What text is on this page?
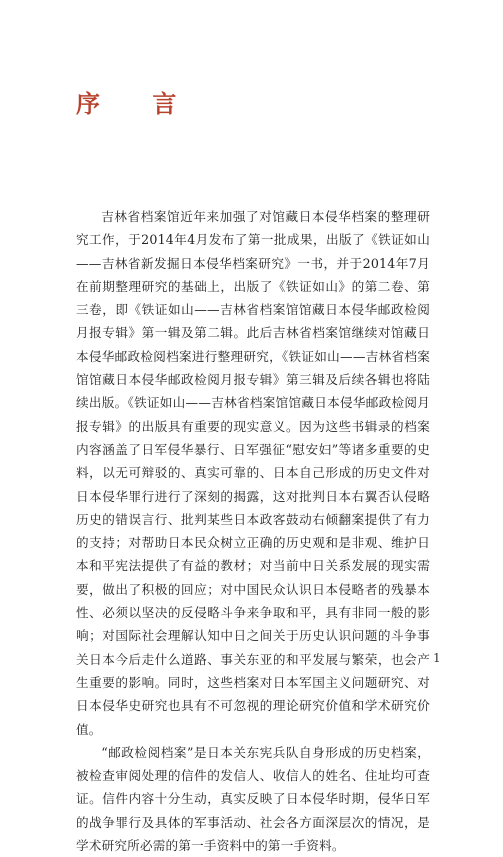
序 言

吉林省档案馆近年来加强了对馆藏日本侵华档案的整理研究工作，于2014年4月发布了第一批成果，出版了《铁证如山——吉林省新发掘日本侵华档案研究》一书，并于2014年7月在前期整理研究的基础上，出版了《铁证如山》的第二卷、第三卷，即《铁证如山——吉林省档案馆馆藏日本侵华邮政检阅月报专辑》第一辑及第二辑。此后吉林省档案馆继续对馆藏日本侵华邮政检阅档案进行整理研究，《铁证如山——吉林省档案馆馆藏日本侵华邮政检阅月报专辑》第三辑及后续各辑也将陆续出版。《铁证如山——吉林省档案馆馆藏日本侵华邮政检阅月报专辑》的出版具有重要的现实意义。因为这些书辑录的档案内容涵盖了日军侵华暴行、日军强征“慰安妇”等诸多重要的史料，以无可辩驳的、真实可靠的、日本自己形成的历史文件对日本侵华罪行进行了深刻的揭露，这对批判日本右翼否认侵略历史的错误言行、批判某些日本政客鼓动右倾翻案提供了有力的支持；对帮助日本民众树立正确的历史观和是非观、维护日本和平宪法提供了有益的教材；对当前中日关系发展的现实需要，做出了积极的回应；对中国民众认识日本侵略者的残暴本性、必须以坚决的反侵略斗争来争取和平，具有非同一般的影响；对国际社会理解认知中日之间关于历史认识问题的斗争事关日本今后走什么道路、事关东亚的和平发展与繁荣，也会产生重要的影响。同时，这些档案对日本军国主义问题研究、对日本侵华史研究也具有不可忽视的理论研究价值和学术研究价值。

“邮政检阅档案”是日本关东宪兵队自身形成的历史档案，被检查审阅处理的信件的发信人、收信人的姓名、住址均可查证。信件内容十分生动，真实反映了日本侵华时期，侵华日军的战争罪行及具体的军事活动、社会各方面深层次的情况，是学术研究所必需的第一手资料中的第一手资料。

1
